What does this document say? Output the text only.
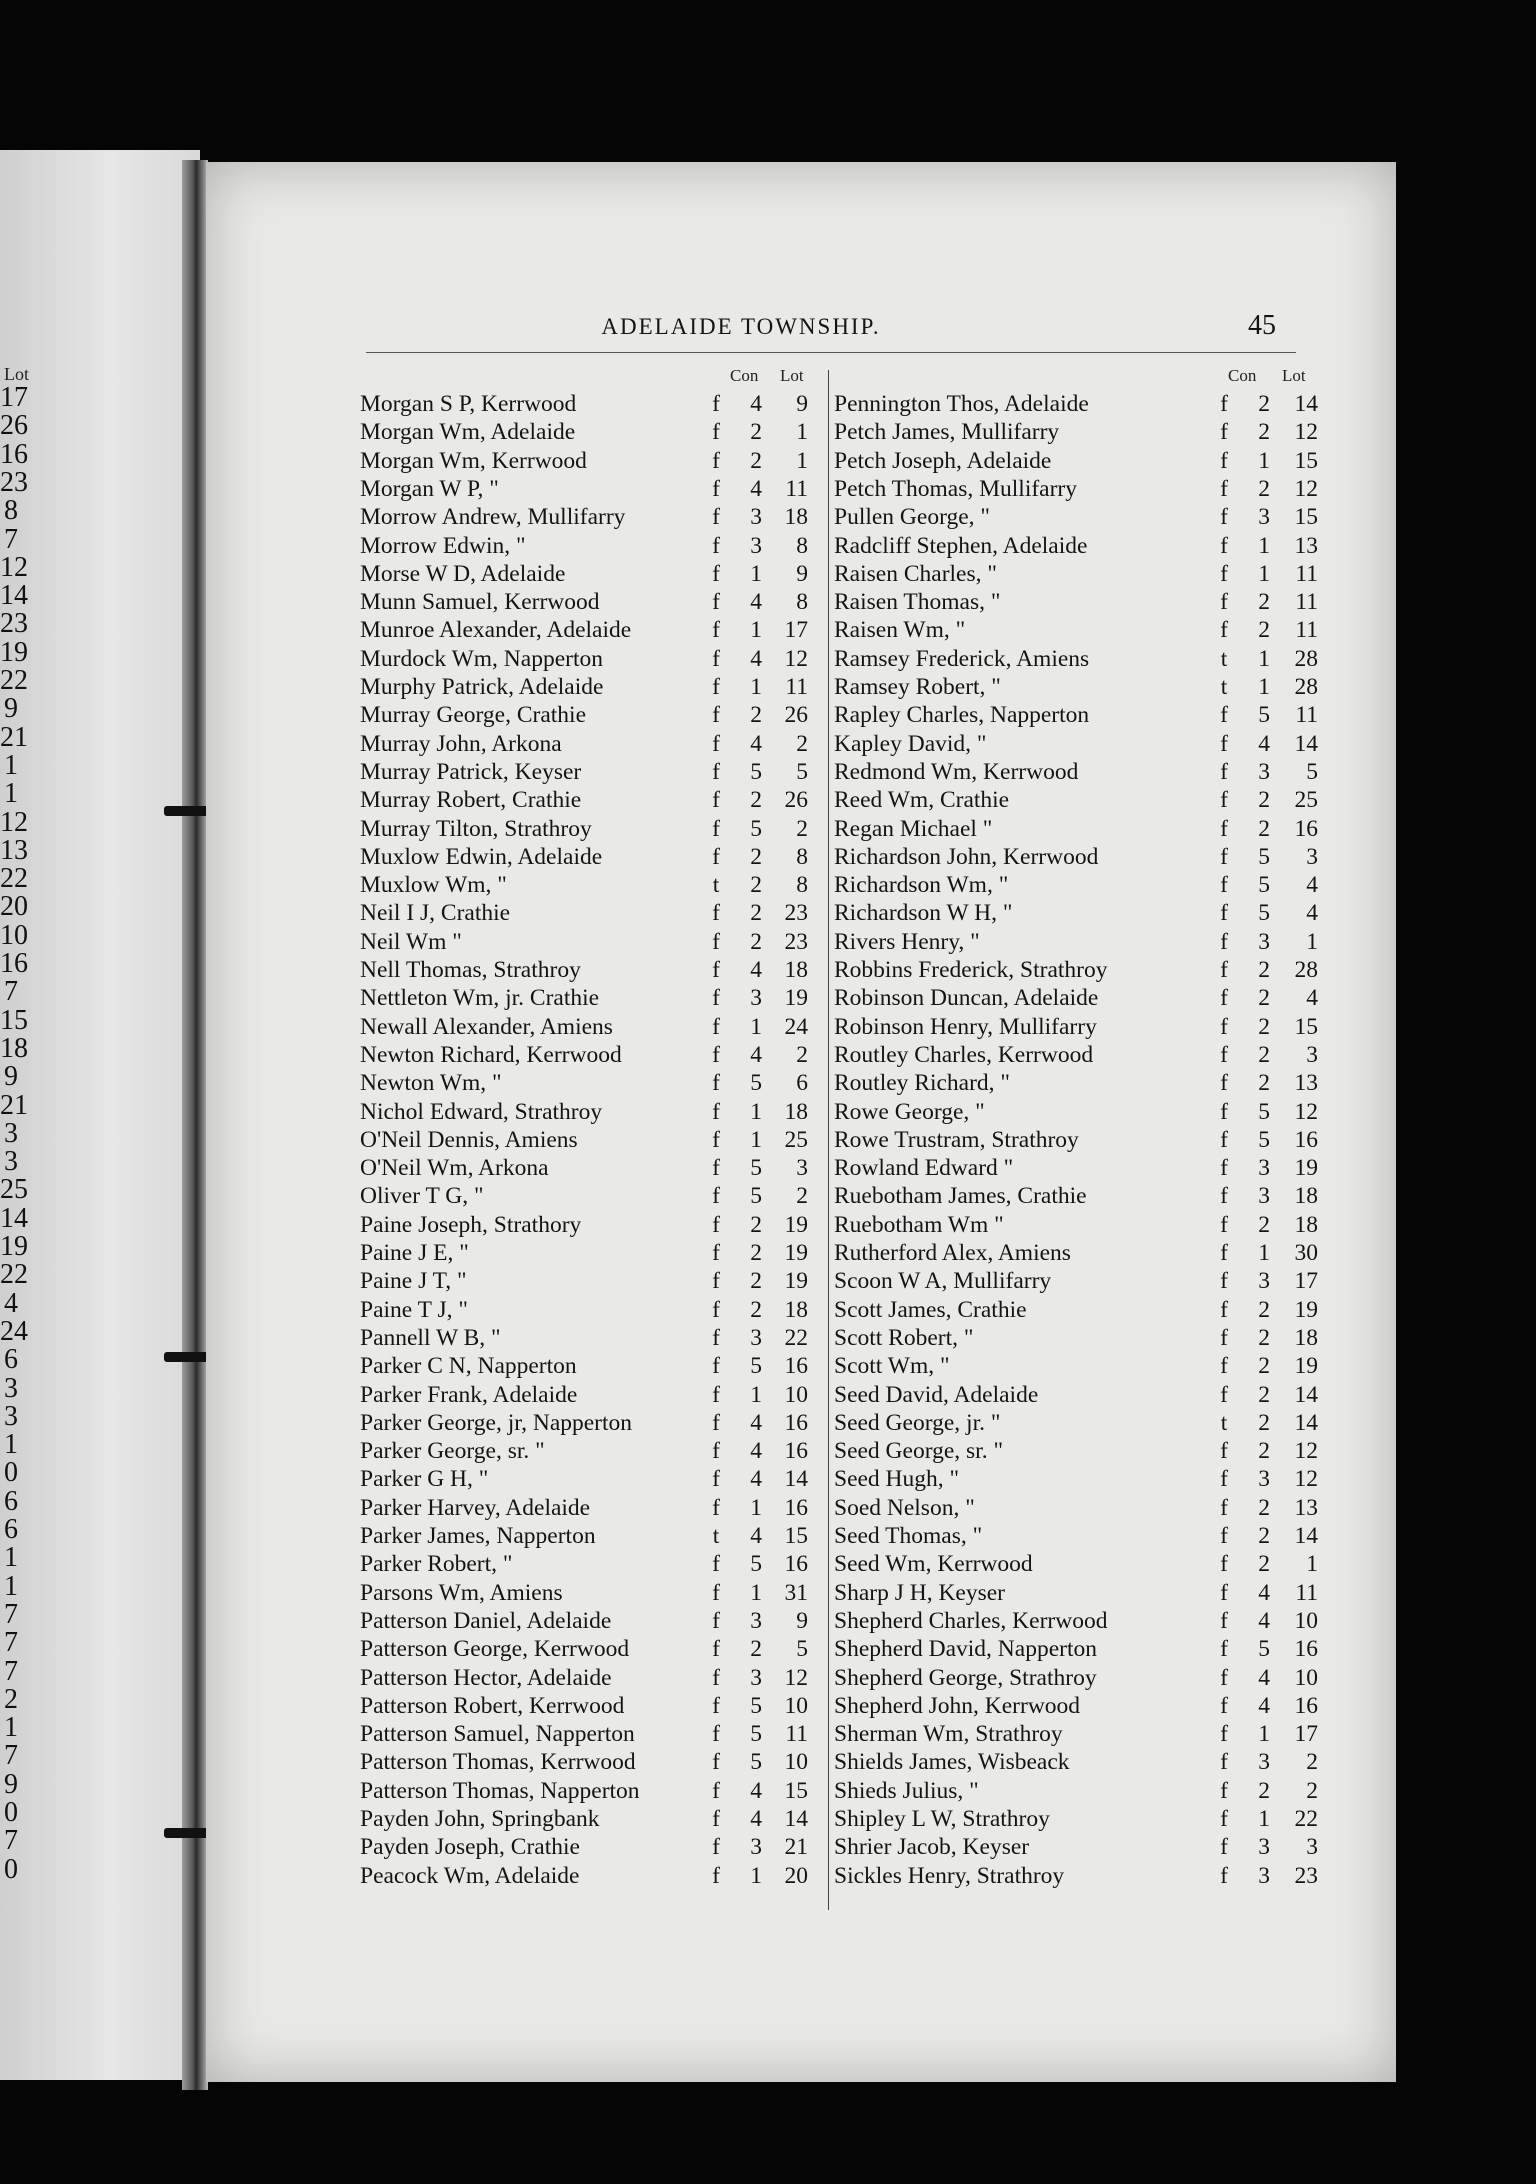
Lot
17
26
16
23
8
7
12
14
23
19
22
9
21
1
1
12
13
22
20
10
16
7
15
18
9
21
3
3
25
14
19
22
4
24
6
3
3
1
0
6
6
1
1
7
7
7
2
1
7
9
0
7
0
ADELAIDE TOWNSHIP.	45
Con Lot	Con Lot
Morgan S P, Kerrwood	f	4	9
Morgan Wm, Adelaide	f	2	1
Morgan Wm, Kerrwood	f	2	1
Morgan W P, "	f	4 11
Morrow Andrew, Mullifarry	f	3 18
Morrow Edwin, "	f	3	8
Morse W D, Adelaide	f	1	9
Munn Samuel, Kerrwood	f	4	8
Munroe Alexander, Adelaide	f	1 17
Murdock Wm, Napperton	f	4 12
Murphy Patrick, Adelaide	f	1 11
Murray George, Crathie	f	2 26
Murray John, Arkona	f	4	2
Murray Patrick, Keyser	f	5	5
Murray Robert, Crathie	f	2 26
Murray Tilton, Strathroy	f	5	2
Muxlow Edwin, Adelaide	f	2	8
Muxlow Wm, "	t	2	8
Neil I J, Crathie	f	2 23
Neil Wm "	f	2 23
Nell Thomas, Strathroy	f	4 18
Nettleton Wm, jr. Crathie	f	3 19
Newall Alexander, Amiens	f	1 24
Newton Richard, Kerrwood	f	4	2
Newton Wm, "	f	5	6
Nichol Edward, Strathroy	f	1 18
O'Neil Dennis, Amiens	f	1 25
O'Neil Wm, Arkona	f	5	3
Oliver T G, "	f	5	2
Paine Joseph, Strathory	f	2 19
Paine J E, "	f	2 19
Paine J T, "	f	2 19
Paine T J, "	f	2 18
Pannell W B, "	f	3 22
Parker C N, Napperton	f	5 16
Parker Frank, Adelaide	f	1 10
Parker George, jr, Napperton	f	4 16
Parker George, sr. "	f	4 16
Parker G H, "	f	4 14
Parker Harvey, Adelaide	f	1 16
Parker James, Napperton	t	4 15
Parker Robert, "	f	5 16
Parsons Wm, Amiens	f	1 31
Patterson Daniel, Adelaide	f	3	9
Patterson George, Kerrwood	f	2	5
Patterson Hector, Adelaide	f	3 12
Patterson Robert, Kerrwood	f	5 10
Patterson Samuel, Napperton	f	5 11
Patterson Thomas, Kerrwood	f	5 10
Patterson Thomas, Napperton	f	4 15
Payden John, Springbank	f	4 14
Payden Joseph, Crathie	f	3 21
Peacock Wm, Adelaide	f	1 20
Pennington Thos, Adelaide	f	2	14
Petch James, Mullifarry	f	2	12
Petch Joseph, Adelaide	f	1	15
Petch Thomas, Mullifarry	f	2	12
Pullen George, "	f	3	15
Radcliff Stephen, Adelaide	f	1	13
Raisen Charles, "	f	1	11
Raisen Thomas, "	f	2	11
Raisen Wm, "	f	2	11
Ramsey Frederick, Amiens	t	1	28
Ramsey Robert, "	t	1	28
Rapley Charles, Napperton	f	5	11
Kapley David, "	f	4	14
Redmond Wm, Kerrwood	f	3	5
Reed Wm, Crathie	f	2	25
Regan Michael "	f	2	16
Richardson John, Kerrwood	f	5	3
Richardson Wm, "	f	5	4
Richardson W H, "	f	5	4
Rivers Henry, "	f	3	1
Robbins Frederick, Strathroy	f	2	28
Robinson Duncan, Adelaide	f	2	4
Robinson Henry, Mullifarry	f	2	15
Routley Charles, Kerrwood	f	2	3
Routley Richard, "	f	2	13
Rowe George, "	f	5	12
Rowe Trustram, Strathroy	f	5	16
Rowland Edward "	f	3	19
Ruebotham James, Crathie	f	3	18
Ruebotham Wm "	f	2	18
Rutherford Alex, Amiens	f	1	30
Scoon W A, Mullifarry	f	3	17
Scott James, Crathie	f	2	19
Scott Robert, "	f	2	18
Scott Wm, "	f	2	19
Seed David, Adelaide	f	2	14
Seed George, jr. "	t	2	14
Seed George, sr. "	f	2	12
Seed Hugh, "	f	3	12
Soed Nelson, "	f	2	13
Seed Thomas, "	f	2	14
Seed Wm, Kerrwood	f	2	1
Sharp J H, Keyser	f	4	11
Shepherd Charles, Kerrwood	f	4	10
Shepherd David, Napperton	f	5	16
Shepherd George, Strathroy	f	4	10
Shepherd John, Kerrwood	f	4	16
Sherman Wm, Strathroy	f	1	17
Shields James, Wisbeack	f	3	2
Shieds Julius, "	f	2	2
Shipley L W, Strathroy	f	1	22
Shrier Jacob, Keyser	f	3	3
Sickles Henry, Strathroy	f	3	23
